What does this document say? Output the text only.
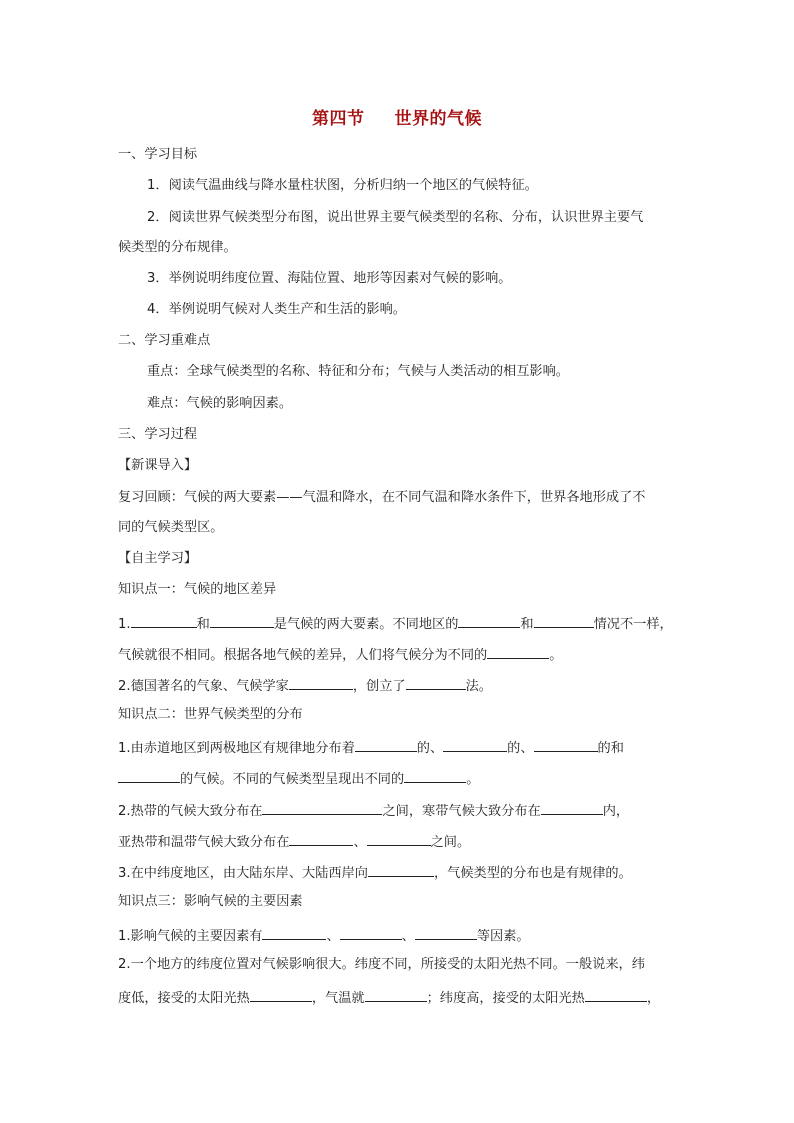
第四节 世界的气候
一、学习目标
1．阅读气温曲线与降水量柱状图，分析归纳一个地区的气候特征。
2．阅读世界气候类型分布图，说出世界主要气候类型的名称、分布，认识世界主要气
候类型的分布规律。
3．举例说明纬度位置、海陆位置、地形等因素对气候的影响。
4．举例说明气候对人类生产和生活的影响。
二、学习重难点
重点：全球气候类型的名称、特征和分布；气候与人类活动的相互影响。
难点：气候的影响因素。
三、学习过程
【新课导入】
复习回顾：气候的两大要素——气温和降水，在不同气温和降水条件下，世界各地形成了不
同的气候类型区。
【自主学习】
知识点一：气候的地区差异
1.	和	是气候的两大要素。不同地区的	和	情况不一样，
气候就很不相同。根据各地气候的差异，人们将气候分为不同的	。
2.德国著名的气象、气候学家	，创立了	法。
知识点二：世界气候类型的分布
1.由赤道地区到两极地区有规律地分布着	的、	的、	的和
的气候。不同的气候类型呈现出不同的	。
2.热带的气候大致分布在	之间，寒带气候大致分布在	内，
亚热带和温带气候大致分布在	、	之间。
3.在中纬度地区，由大陆东岸、大陆西岸向	，气候类型的分布也是有规律的。
知识点三：影响气候的主要因素
1.影响气候的主要因素有	、	、	等因素。
2.一个地方的纬度位置对气候影响很大。纬度不同，所接受的太阳光热不同。一般说来，纬
度低，接受的太阳光热	，气温就	；纬度高，接受的太阳光热	，
